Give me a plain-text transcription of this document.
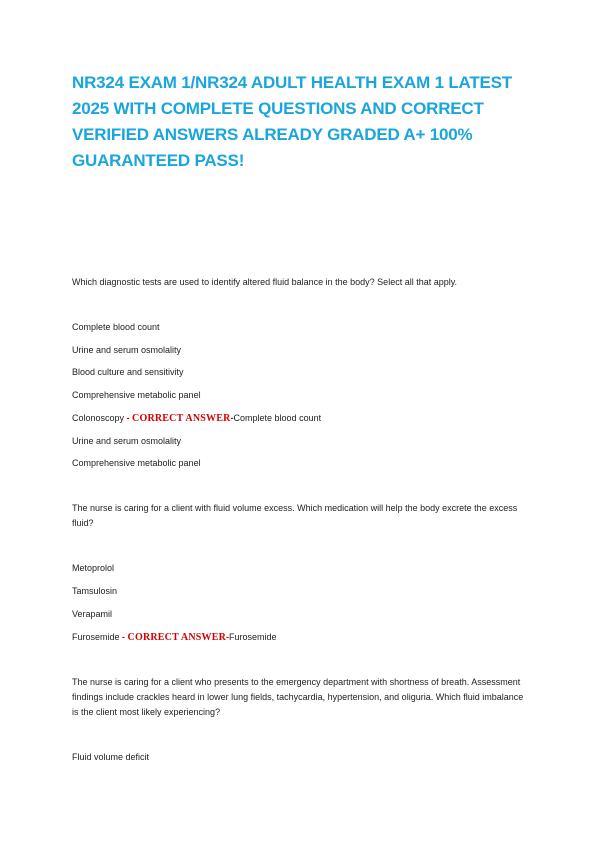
NR324 EXAM 1/NR324 ADULT HEALTH EXAM 1 LATEST 2025 WITH COMPLETE QUESTIONS AND CORRECT VERIFIED ANSWERS ALREADY GRADED A+ 100% GUARANTEED PASS!

Which diagnostic tests are used to identify altered fluid balance in the body? Select all that apply.

Complete blood count

Urine and serum osmolality

Blood culture and sensitivity

Comprehensive metabolic panel

Colonoscopy - CORRECT ANSWER-Complete blood count

Urine and serum osmolality

Comprehensive metabolic panel

The nurse is caring for a client with fluid volume excess. Which medication will help the body excrete the excess fluid?

Metoprolol

Tamsulosin

Verapamil

Furosemide - CORRECT ANSWER-Furosemide

The nurse is caring for a client who presents to the emergency department with shortness of breath. Assessment findings include crackles heard in lower lung fields, tachycardia, hypertension, and oliguria. Which fluid imbalance is the client most likely experiencing?

Fluid volume deficit
